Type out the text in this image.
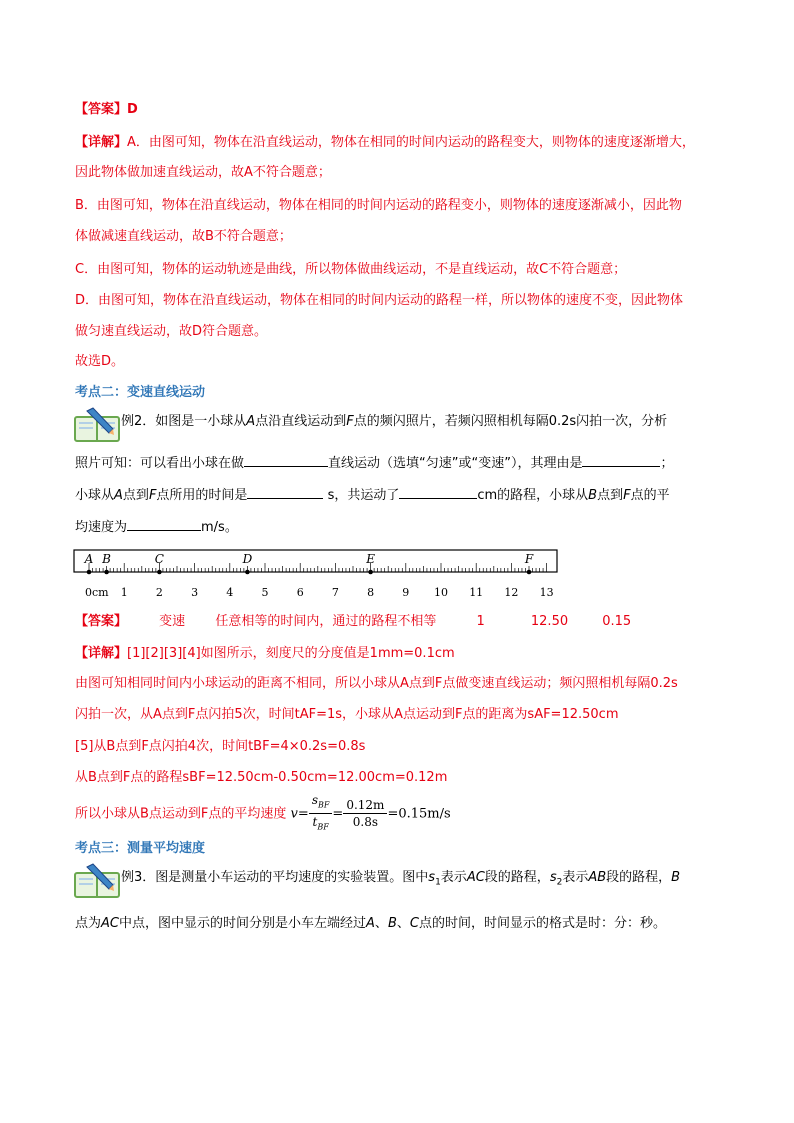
【答案】D
【详解】A．由图可知，物体在沿直线运动，物体在相同的时间内运动的路程变大，则物体的速度逐渐增大，
因此物体做加速直线运动，故A不符合题意；
B．由图可知，物体在沿直线运动，物体在相同的时间内运动的路程变小，则物体的速度逐渐减小，因此物
体做减速直线运动，故B不符合题意；
C．由图可知，物体的运动轨迹是曲线，所以物体做曲线运动，不是直线运动，故C不符合题意；
D．由图可知，物体在沿直线运动，物体在相同的时间内运动的路程一样，所以物体的速度不变，因此物体
做匀速直线运动，故D符合题意。
故选D。
考点二：变速直线运动
例2．如图是一小球从A点沿直线运动到F点的频闪照片，若频闪照相机每隔0.2s闪拍一次，分析
照片可知：可以看出小球在做	直线运动（选填“匀速”或“变速”），其理由是	；
小球从A点到F点所用的时间是	s，共运动了	cm的路程，小球从B点到F点的平
均速度为	m/s。
A B	C	D	E	F
0cm 1	2	3	4	5	6	7	8	9 10 11 12 13
【答案】 变速 任意相等的时间内，通过的路程不相等	1	12.50	0.15
【详解】[1][2][3][4]如图所示，刻度尺的分度值是1mm=0.1cm
由图可知相同时间内小球运动的距离不相同，所以小球从A点到F点做变速直线运动；频闪照相机每隔0.2s
闪拍一次，从A点到F点闪拍5次，时间tAF=1s，小球从A点运动到F点的距离为sAF=12.50cm
[5]从B点到F点闪拍4次，时间tBF=4×0.2s=0.8s
从B点到F点的路程sBF=12.50cm-0.50cm=12.00cm=0.12m
所以小球从B点运动到F点的平均速度 $v= \frac{s_{BF}}{t_{BF}} = \frac{0.12m}{0.8s} =0.15m/s$
考点三：测量平均速度
例3．图是测量小车运动的平均速度的实验装置。图中$s_1$表示AC段的路程，$s_2$表示AB段的路程，B
点为AC中点，图中显示的时间分别是小车左端经过A、B、C点的时间，时间显示的格式是时：分：秒。
